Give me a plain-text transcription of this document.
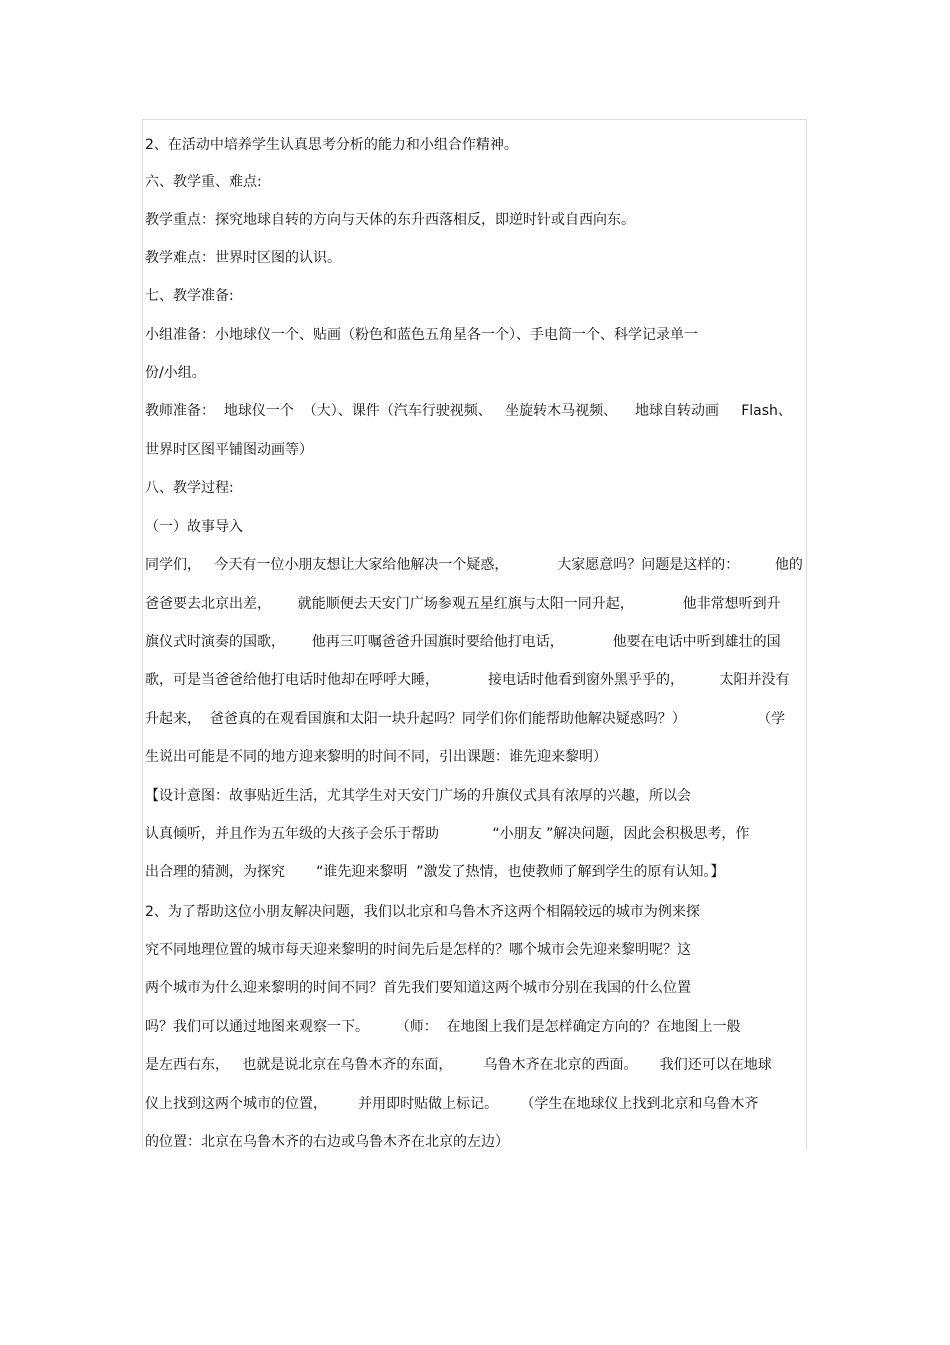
2、在活动中培养学生认真思考分析的能力和小组合作精神。
六、教学重、难点:
教学重点：探究地球自转的方向与天体的东升西落相反，即逆时针或自西向东。
教学难点：世界时区图的认识。
七、教学准备:
小组准备：小地球仪一个、贴画（粉色和蓝色五角星各一个）、手电筒一个、科学记录单一
份/小组。
教师准备：  地球仪一个  （大）、课件（汽车行驶视频、   坐旋转木马视频、    地球自转动画     Flash、
世界时区图平铺图动画等）
八、教学过程:
（一）故事导入
同学们，   今天有一位小朋友想让大家给他解决一个疑惑，           大家愿意吗？问题是这样的：        他的
爸爸要去北京出差，      就能顺便去天安门广场参观五星红旗与太阳一同升起，           他非常想听到升
旗仪式时演奏的国歌，      他再三叮嘱爸爸升国旗时要给他打电话，           他要在电话中听到雄壮的国
歌，可是当爸爸给他打电话时他却在呼呼大睡，           接电话时他看到窗外黑乎乎的，        太阳并没有
升起来，  爸爸真的在观看国旗和太阳一块升起吗？同学们你们能帮助他解决疑惑吗？）                （学
生说出可能是不同的地方迎来黎明的时间不同，引出课题：谁先迎来黎明）
【设计意图：故事贴近生活，尤其学生对天安门广场的升旗仪式具有浓厚的兴趣，所以会
认真倾听，并且作为五年级的大孩子会乐于帮助            “小朋友 ”解决问题，因此会积极思考，作
出合理的猜测，为探究       “谁先迎来黎明  ”激发了热情，也使教师了解到学生的原有认知。】
2、为了帮助这位小朋友解决问题，我们以北京和乌鲁木齐这两个相隔较远的城市为例来探
究不同地理位置的城市每天迎来黎明的时间先后是怎样的？哪个城市会先迎来黎明呢？这
两个城市为什么迎来黎明的时间不同？首先我们要知道这两个城市分别在我国的什么位置
吗？我们可以通过地图来观察一下。      （师：  在地图上我们是怎样确定方向的？在地图上一般
是左西右东，   也就是说北京在乌鲁木齐的东面，       乌鲁木齐在北京的西面。     我们还可以在地球
仪上找到这两个城市的位置，       并用即时贴做上标记。     （学生在地球仪上找到北京和乌鲁木齐
的位置：北京在乌鲁木齐的右边或乌鲁木齐在北京的左边）
